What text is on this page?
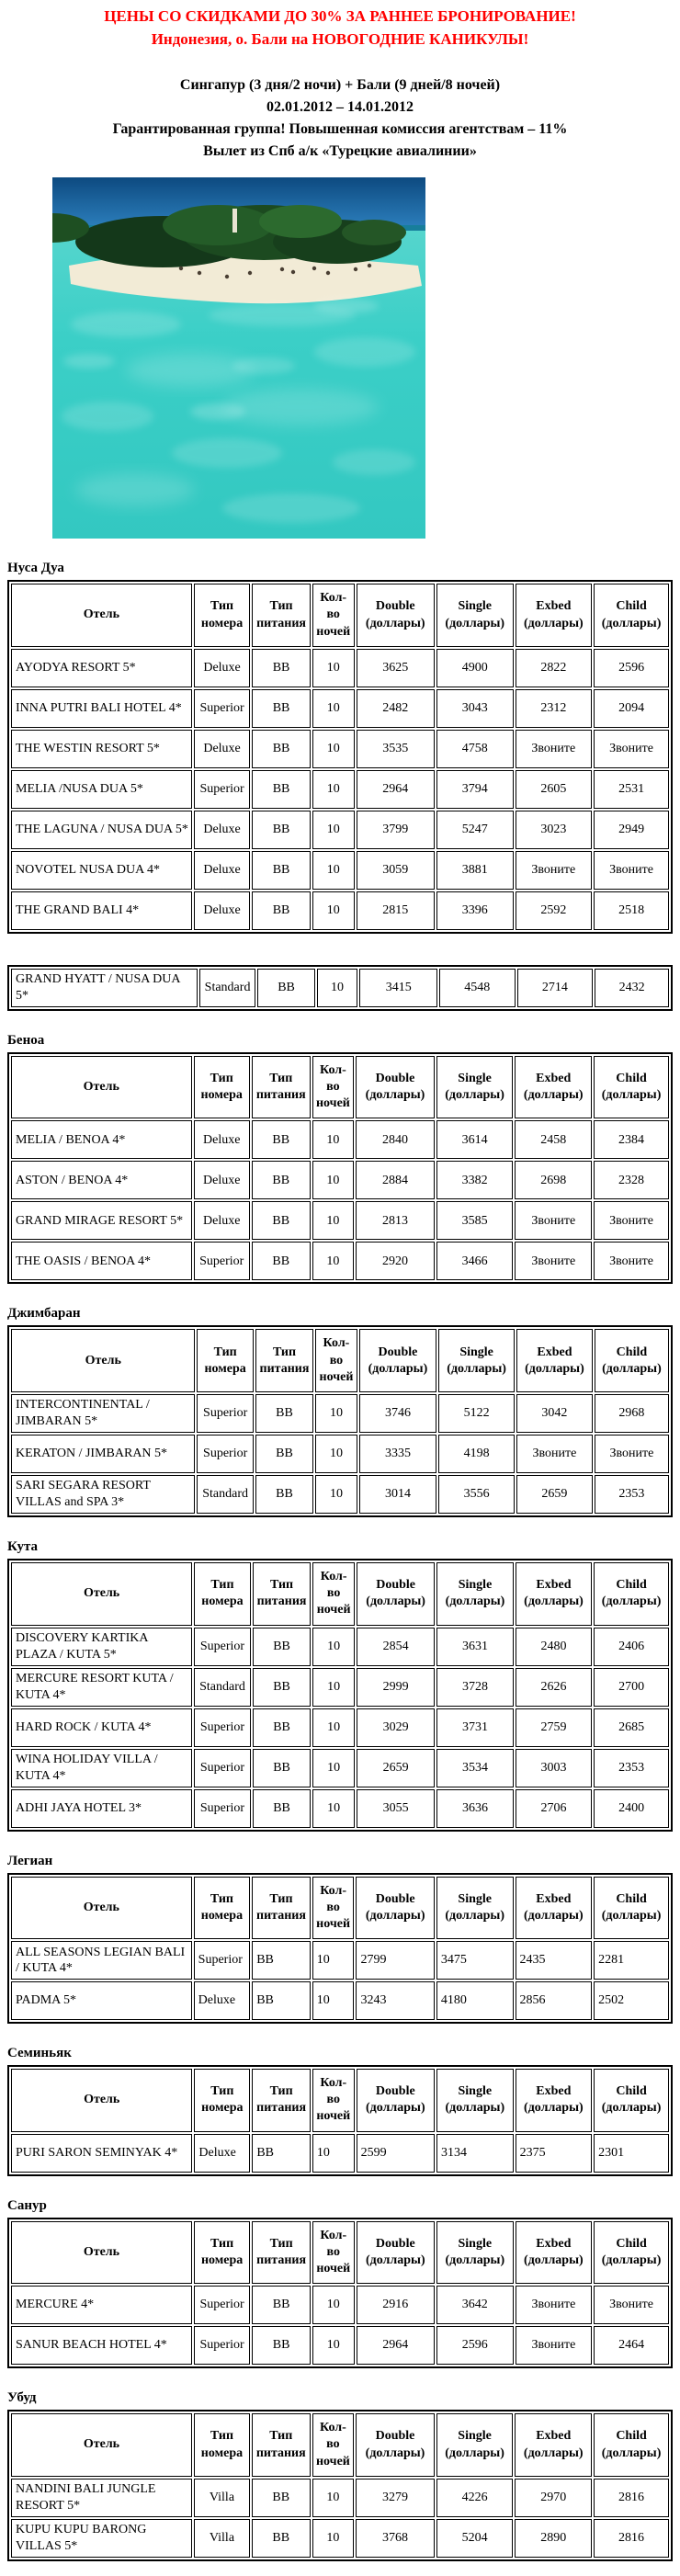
ЦЕНЫ СО СКИДКАМИ ДО 30% ЗА РАННЕЕ БРОНИРОВАНИЕ!

Индонезия, о. Бали на НОВОГОДНИЕ КАНИКУЛЫ!

Сингапур (3 дня/2 ночи) + Бали (9 дней/8 ночей)

02.01.2012 – 14.01.2012

Гарантированная группа! Повышенная комиссия агентствам – 11%

Вылет из Спб а/к «Турецкие авиалинии»

Нуса Дуа
Отель	Тип номера	Тип питания	Кол-во ночей	Double (доллары)	Single (доллары)	Exbed (доллары)	Child (доллары)
AYODYA RESORT 5*	Deluxe	BB	10	3625	4900	2822	2596
INNA PUTRI BALI HOTEL 4*	Superior	BB	10	2482	3043	2312	2094
THE WESTIN RESORT 5*	Deluxe	BB	10	3535	4758	Звоните	Звоните
MELIA /NUSA DUA 5*	Superior	BB	10	2964	3794	2605	2531
THE LAGUNA / NUSA DUA 5*	Deluxe	BB	10	3799	5247	3023	2949
NOVOTEL NUSA DUA 4*	Deluxe	BB	10	3059	3881	Звоните	Звоните
THE GRAND BALI 4*	Deluxe	BB	10	2815	3396	2592	2518
GRAND HYATT / NUSA DUA 5*	Standard	BB	10	3415	4548	2714	2432
Беноа
Отель	Тип номера	Тип питания	Кол-во ночей	Double (доллары)	Single (доллары)	Exbed (доллары)	Child (доллары)
MELIA / BENOA 4*	Deluxe	BB	10	2840	3614	2458	2384
ASTON / BENOA 4*	Deluxe	BB	10	2884	3382	2698	2328
GRAND MIRAGE RESORT 5*	Deluxe	BB	10	2813	3585	Звоните	Звоните
THE OASIS / BENOA 4*	Superior	BB	10	2920	3466	Звоните	Звоните
Джимбаран
Отель	Тип номера	Тип питания	Кол-во ночей	Double (доллары)	Single (доллары)	Exbed (доллары)	Child (доллары)
INTERCONTINENTAL / JIMBARAN 5*	Superior	BB	10	3746	5122	3042	2968
KERATON / JIMBARAN 5*	Superior	BB	10	3335	4198	Звоните	Звоните
SARI SEGARA RESORT VILLAS and SPA 3*	Standard	BB	10	3014	3556	2659	2353
Кута
Отель	Тип номера	Тип питания	Кол-во ночей	Double (доллары)	Single (доллары)	Exbed (доллары)	Child (доллары)
DISCOVERY KARTIKA PLAZA / KUTA 5*	Superior	BB	10	2854	3631	2480	2406
MERCURE RESORT KUTA / KUTA 4*	Standard	BB	10	2999	3728	2626	2700
HARD ROCK / KUTA 4*	Superior	BB	10	3029	3731	2759	2685
WINA HOLIDAY VILLA / KUTA 4*	Superior	BB	10	2659	3534	3003	2353
ADHI JAYA HOTEL 3*	Superior	BB	10	3055	3636	2706	2400
Легиан
Отель	Тип номера	Тип питания	Кол-во ночей	Double (доллары)	Single (доллары)	Exbed (доллары)	Child (доллары)
ALL SEASONS LEGIAN BALI / KUTA 4*	Superior	BB	10	2799	3475	2435	2281
PADMA 5*	Deluxe	BB	10	3243	4180	2856	2502
Семиньяк
Отель	Тип номера	Тип питания	Кол-во ночей	Double (доллары)	Single (доллары)	Exbed (доллары)	Child (доллары)
PURI SARON SEMINYAK 4*	Deluxe	BB	10	2599	3134	2375	2301
Санур
Отель	Тип номера	Тип питания	Кол-во ночей	Double (доллары)	Single (доллары)	Exbed (доллары)	Child (доллары)
MERCURE 4*	Superior	BB	10	2916	3642	Звоните	Звоните
SANUR BEACH HOTEL 4*	Superior	BB	10	2964	2596	Звоните	2464
Убуд
Отель	Тип номера	Тип питания	Кол-во ночей	Double (доллары)	Single (доллары)	Exbed (доллары)	Child (доллары)
NANDINI BALI JUNGLE RESORT 5*	Villa	BB	10	3279	4226	2970	2816
KUPU KUPU BARONG VILLAS 5*	Villa	BB	10	3768	5204	2890	2816
